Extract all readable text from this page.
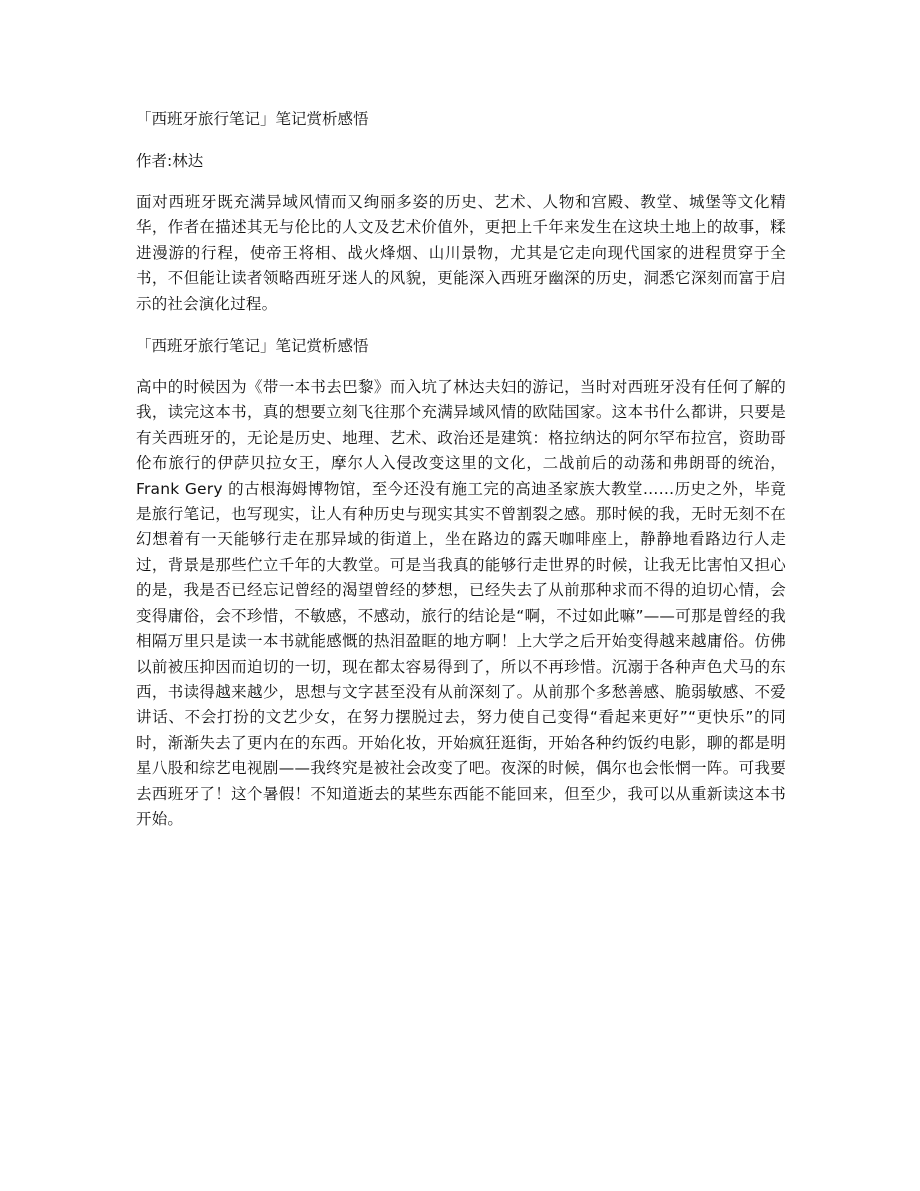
「西班牙旅行笔记」笔记赏析感悟

作者:林达

面对西班牙既充满异域风情而又绚丽多姿的历史、艺术、人物和宫殿、教堂、城堡等文化精华，作者在描述其无与伦比的人文及艺术价值外，更把上千年来发生在这块土地上的故事，糅进漫游的行程，使帝王将相、战火烽烟、山川景物，尤其是它走向现代国家的进程贯穿于全书，不但能让读者领略西班牙迷人的风貌，更能深入西班牙幽深的历史，洞悉它深刻而富于启示的社会演化过程。

「西班牙旅行笔记」笔记赏析感悟

高中的时候因为《带一本书去巴黎》而入坑了林达夫妇的游记，当时对西班牙没有任何了解的我，读完这本书，真的想要立刻飞往那个充满异域风情的欧陆国家。这本书什么都讲，只要是有关西班牙的，无论是历史、地理、艺术、政治还是建筑：格拉纳达的阿尔罕布拉宫，资助哥伦布旅行的伊萨贝拉女王，摩尔人入侵改变这里的文化，二战前后的动荡和弗朗哥的统治，Frank Gery 的古根海姆博物馆，至今还没有施工完的高迪圣家族大教堂……历史之外，毕竟是旅行笔记，也写现实，让人有种历史与现实其实不曾割裂之感。那时候的我，无时无刻不在幻想着有一天能够行走在那异域的街道上，坐在路边的露天咖啡座上，静静地看路边行人走过，背景是那些伫立千年的大教堂。可是当我真的能够行走世界的时候，让我无比害怕又担心的是，我是否已经忘记曾经的渴望曾经的梦想，已经失去了从前那种求而不得的迫切心情，会变得庸俗，会不珍惜，不敏感，不感动，旅行的结论是“啊，不过如此嘛”——可那是曾经的我相隔万里只是读一本书就能感慨的热泪盈眶的地方啊！上大学之后开始变得越来越庸俗。仿佛以前被压抑因而迫切的一切，现在都太容易得到了，所以不再珍惜。沉溺于各种声色犬马的东西，书读得越来越少，思想与文字甚至没有从前深刻了。从前那个多愁善感、脆弱敏感、不爱讲话、不会打扮的文艺少女，在努力摆脱过去，努力使自己变得“看起来更好”“更快乐”的同时，渐渐失去了更内在的东西。开始化妆，开始疯狂逛街，开始各种约饭约电影，聊的都是明星八股和综艺电视剧——我终究是被社会改变了吧。夜深的时候，偶尔也会怅惘一阵。可我要去西班牙了！这个暑假！不知道逝去的某些东西能不能回来，但至少，我可以从重新读这本书开始。
